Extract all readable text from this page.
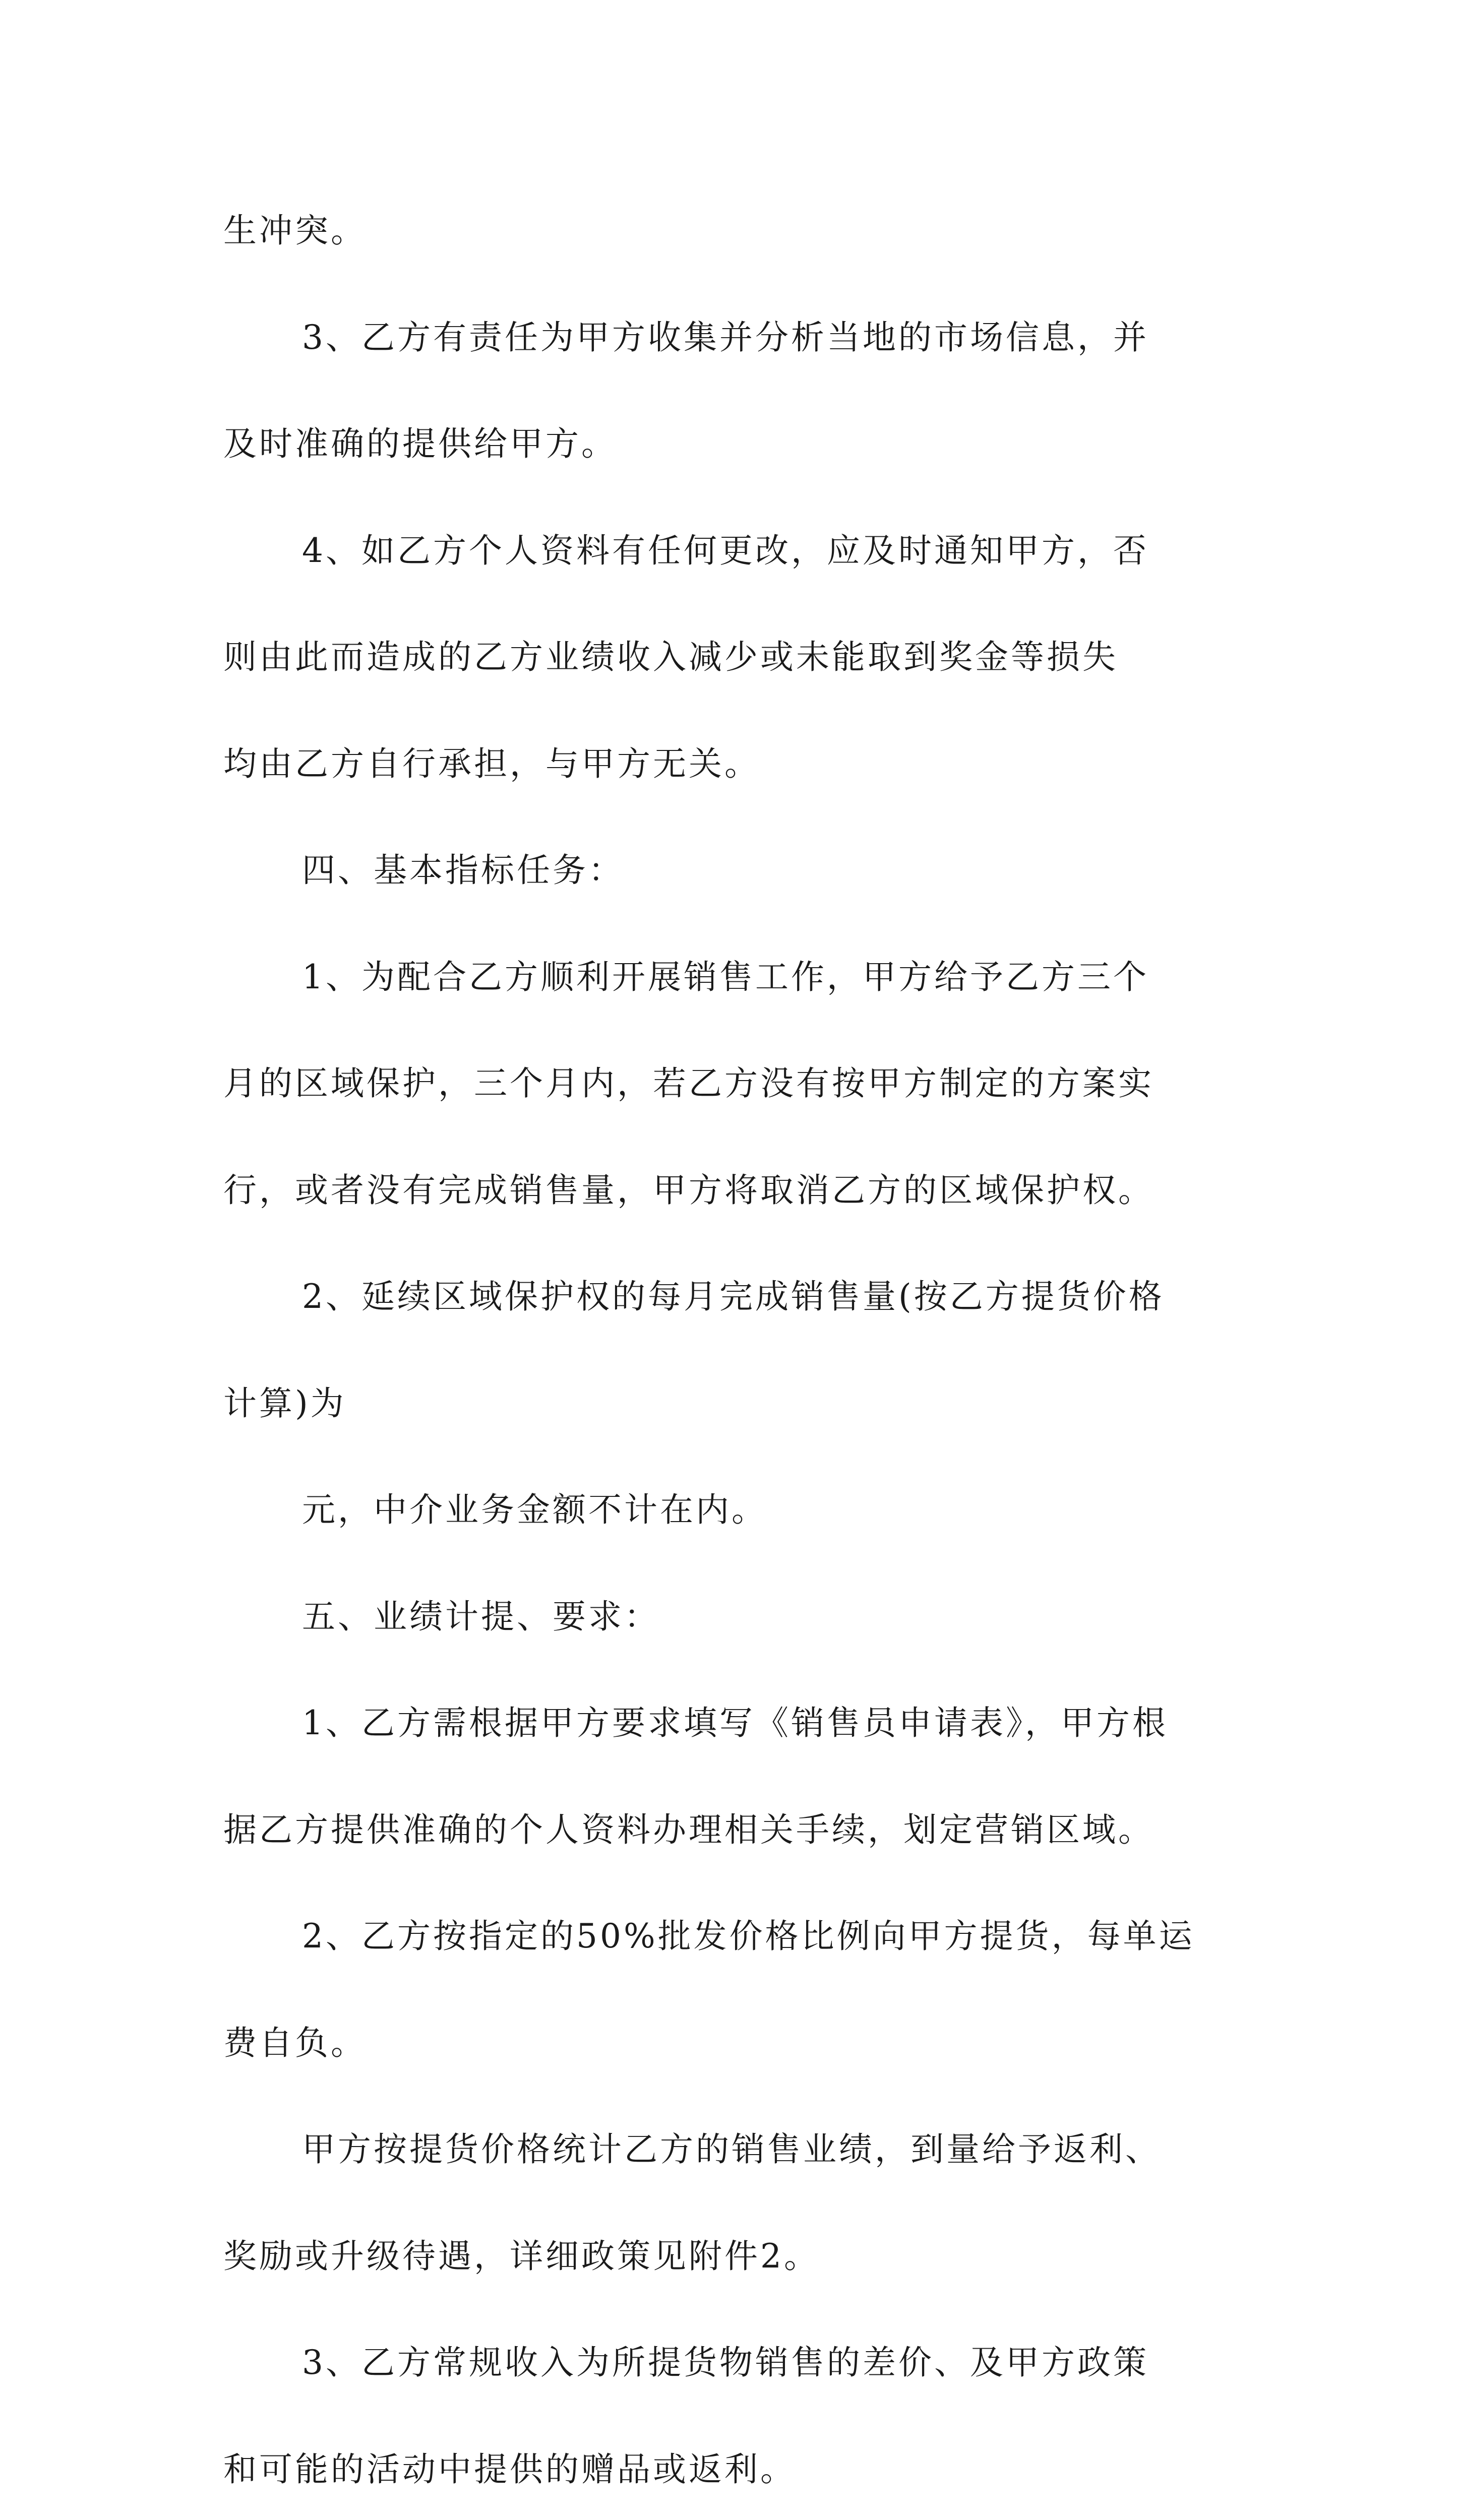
生冲突。
3、乙方有责任为甲方收集并分析当地的市场信息，并
及时准确的提供给甲方。
4、如乙方个人资料有任何更改，应及时通知甲方，否
则由此而造成的乙方业绩收入减少或未能取到奖金等损失
均由乙方自行承担，与甲方无关。
四、基本指标任务：
1、为配合乙方顺利开展销售工作，甲方给予乙方三个
月的区域保护，三个月内，若乙方没有按甲方制定的方案实
行，或者没有完成销售量，甲方将取消乙方的区域保护权。
2、延续区域保护权的每月完成销售量(按乙方提货价格
计算)为
元，中介业务金额不计在内。
五、业绩计提、要求：
1、乙方需根据甲方要求填写《销售员申请表》，甲方根
据乙方提供准确的个人资料办理相关手续，划定营销区域。
2、乙方按指定的50%批发价格比例向甲方提货，每单运
费自负。
甲方按提货价格统计乙方的销售业绩，到量给予返利、
奖励或升级待遇，详细政策见附件2。
3、乙方常规收入为所提货物销售的差价、及甲方政策
和可能的活动中提供的赠品或返利。
